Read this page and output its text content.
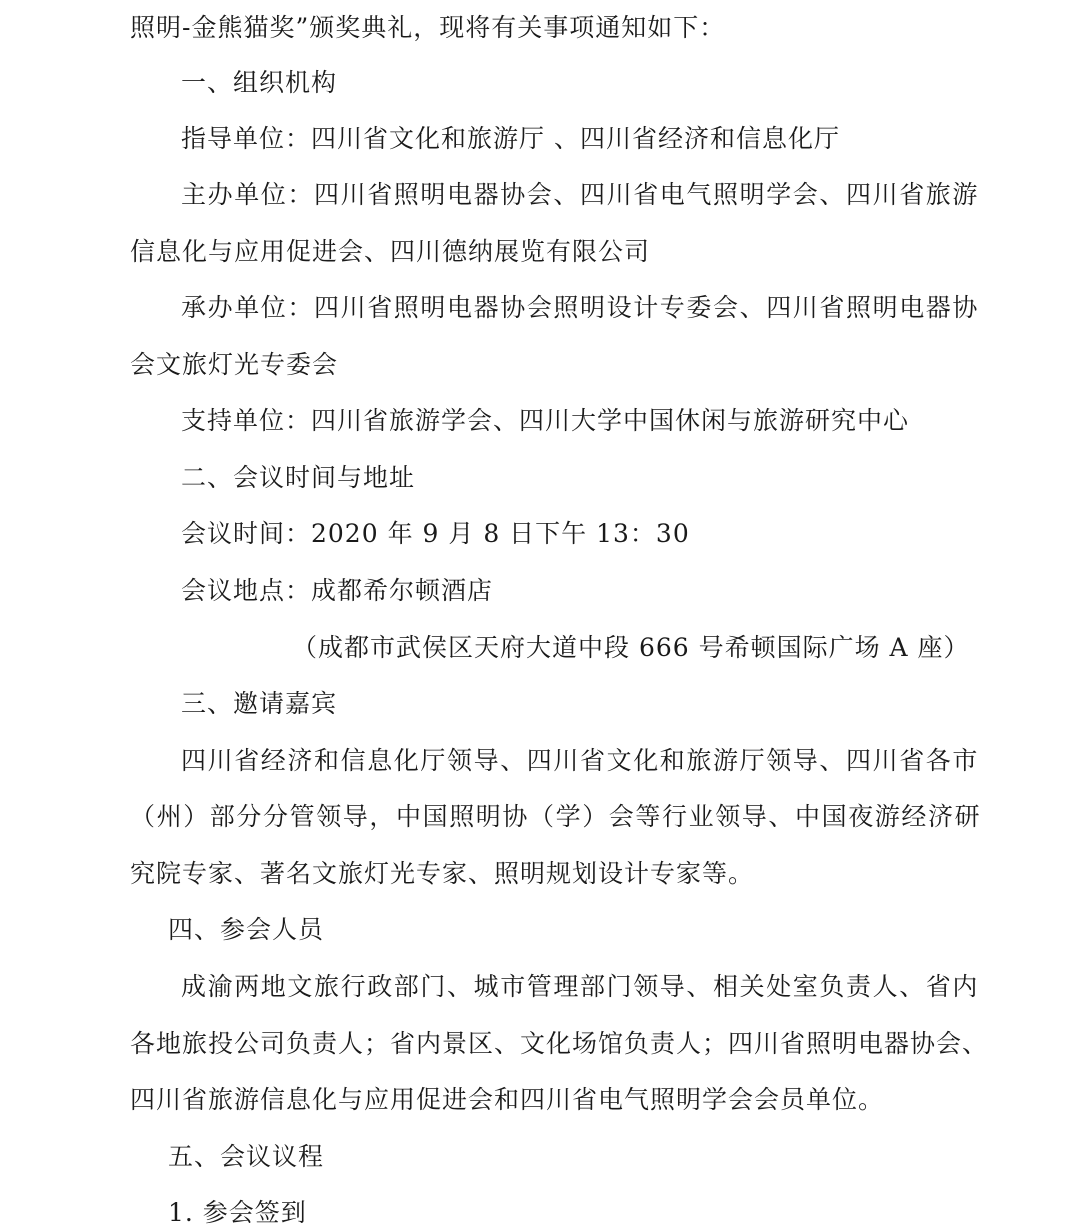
照明-金熊猫奖”颁奖典礼，现将有关事项通知如下：

一、组织机构

指导单位：四川省文化和旅游厅 、四川省经济和信息化厅

主办单位：四川省照明电器协会、四川省电气照明学会、四川省旅游

信息化与应用促进会、四川德纳展览有限公司

承办单位：四川省照明电器协会照明设计专委会、四川省照明电器协

会文旅灯光专委会

支持单位：四川省旅游学会、四川大学中国休闲与旅游研究中心

二、会议时间与地址

会议时间：2020 年 9 月 8 日下午 13：30

会议地点：成都希尔顿酒店

（成都市武侯区天府大道中段 666 号希顿国际广场 A 座）

三、邀请嘉宾

四川省经济和信息化厅领导、四川省文化和旅游厅领导、四川省各市

（州）部分分管领导，中国照明协（学）会等行业领导、中国夜游经济研

究院专家、著名文旅灯光专家、照明规划设计专家等。

四、参会人员

成渝两地文旅行政部门、城市管理部门领导、相关处室负责人、省内

各地旅投公司负责人；省内景区、文化场馆负责人；四川省照明电器协会、

四川省旅游信息化与应用促进会和四川省电气照明学会会员单位。

五、会议议程

1. 参会签到
